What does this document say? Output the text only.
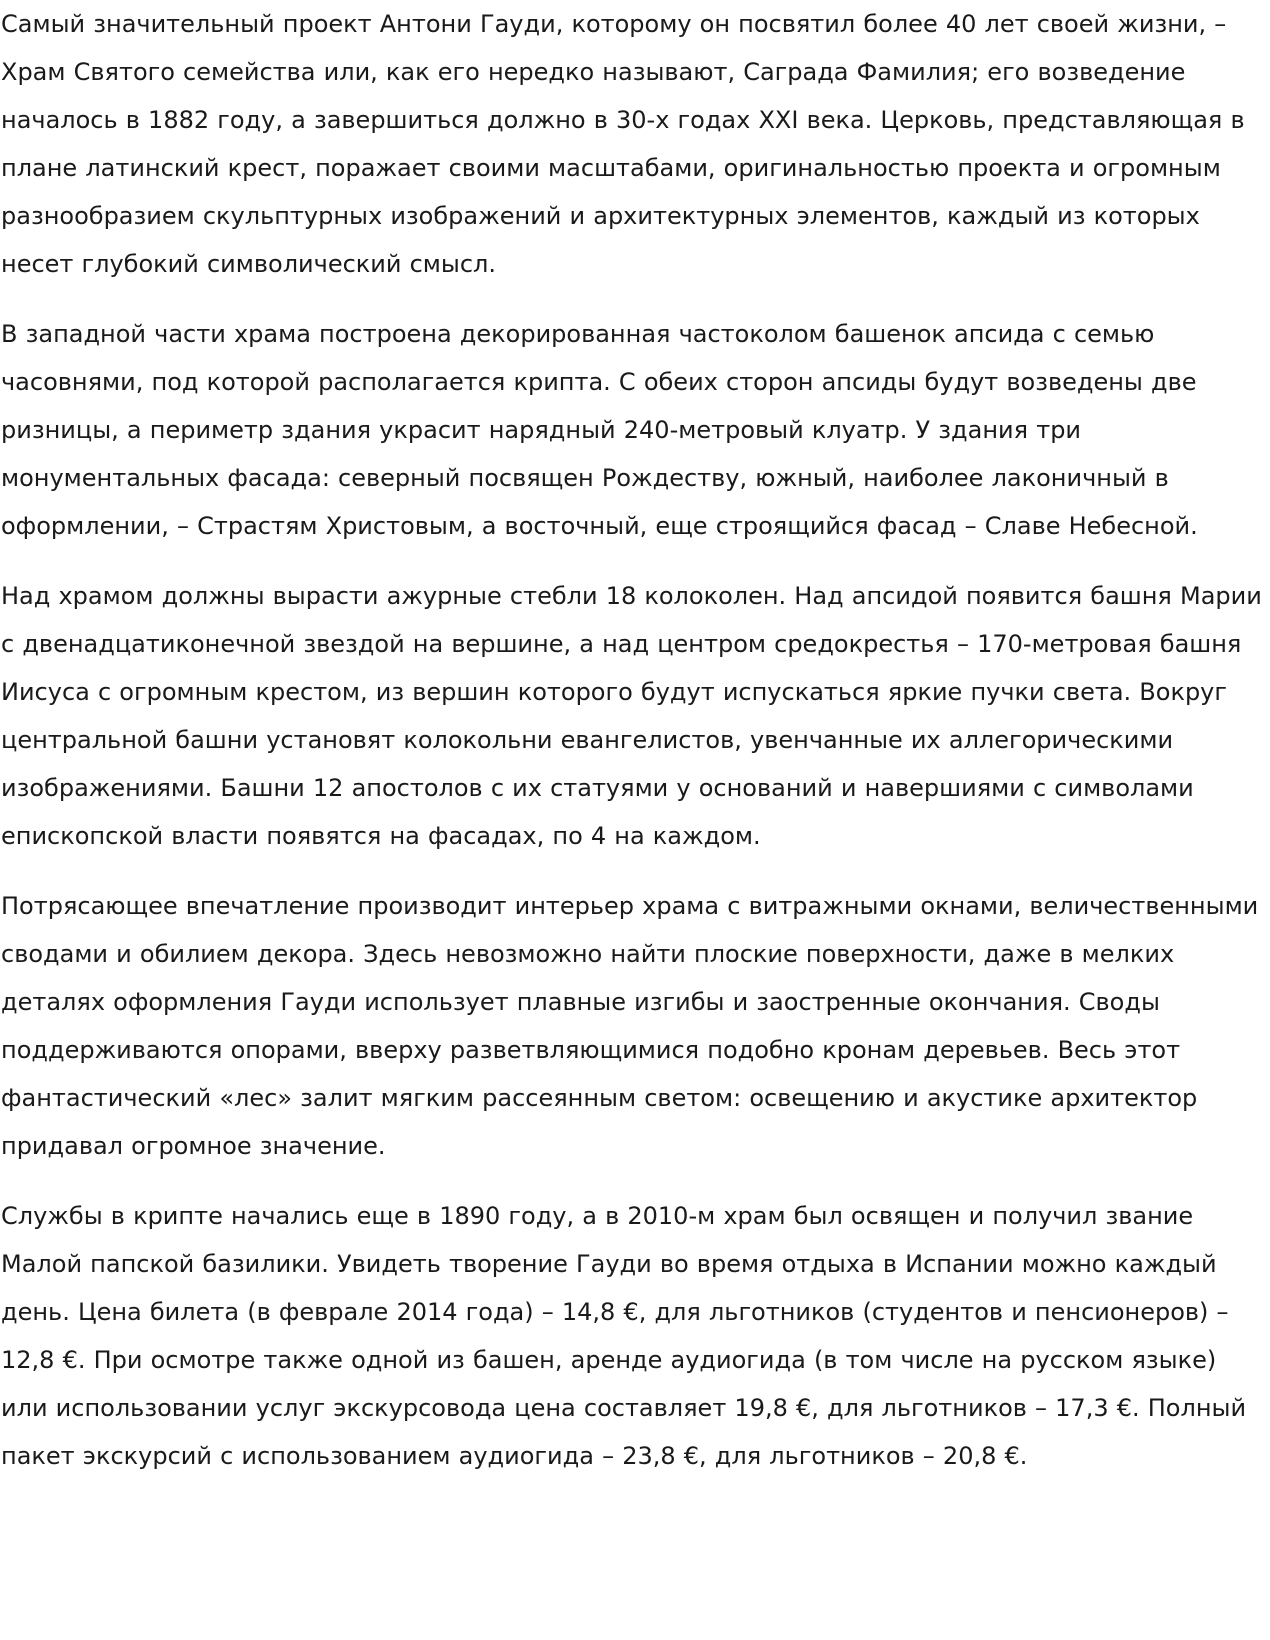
Самый значительный проект Антони Гауди, которому он посвятил более 40 лет своей жизни, – Храм Святого семейства или, как его нередко называют, Саграда Фамилия; его возведение началось в 1882 году, а завершиться должно в 30-х годах XXI века. Церковь, представляющая в плане латинский крест, поражает своими масштабами, оригинальностью проекта и огромным разнообразием скульптурных изображений и архитектурных элементов, каждый из которых несет глубокий символический смысл.

В западной части храма построена декорированная частоколом башенок апсида с семью часовнями, под которой располагается крипта. С обеих сторон апсиды будут возведены две ризницы, а периметр здания украсит нарядный 240-метровый клуатр. У здания три монументальных фасада: северный посвящен Рождеству, южный, наиболее лаконичный в оформлении, – Страстям Христовым, а восточный, еще строящийся фасад – Славе Небесной.

Над храмом должны вырасти ажурные стебли 18 колоколен. Над апсидой появится башня Марии с двенадцатиконечной звездой на вершине, а над центром средокрестья – 170-метровая башня Иисуса с огромным крестом, из вершин которого будут испускаться яркие пучки света. Вокруг центральной башни установят колокольни евангелистов, увенчанные их аллегорическими изображениями. Башни 12 апостолов с их статуями у оснований и навершиями с символами епископской власти появятся на фасадах, по 4 на каждом.

Потрясающее впечатление производит интерьер храма с витражными окнами, величественными сводами и обилием декора. Здесь невозможно найти плоские поверхности, даже в мелких деталях оформления Гауди использует плавные изгибы и заостренные окончания. Своды поддерживаются опорами, вверху разветвляющимися подобно кронам деревьев. Весь этот фантастический «лес» залит мягким рассеянным светом: освещению и акустике архитектор придавал огромное значение.

Службы в крипте начались еще в 1890 году, а в 2010-м храм был освящен и получил звание Малой папской базилики. Увидеть творение Гауди во время отдыха в Испании можно каждый день. Цена билета (в феврале 2014 года) – 14,8 €, для льготников (студентов и пенсионеров) – 12,8 €. При осмотре также одной из башен, аренде аудиогида (в том числе на русском языке) или использовании услуг экскурсовода цена составляет 19,8 €, для льготников – 17,3 €. Полный пакет экскурсий с использованием аудиогида – 23,8 €, для льготников – 20,8 €.
